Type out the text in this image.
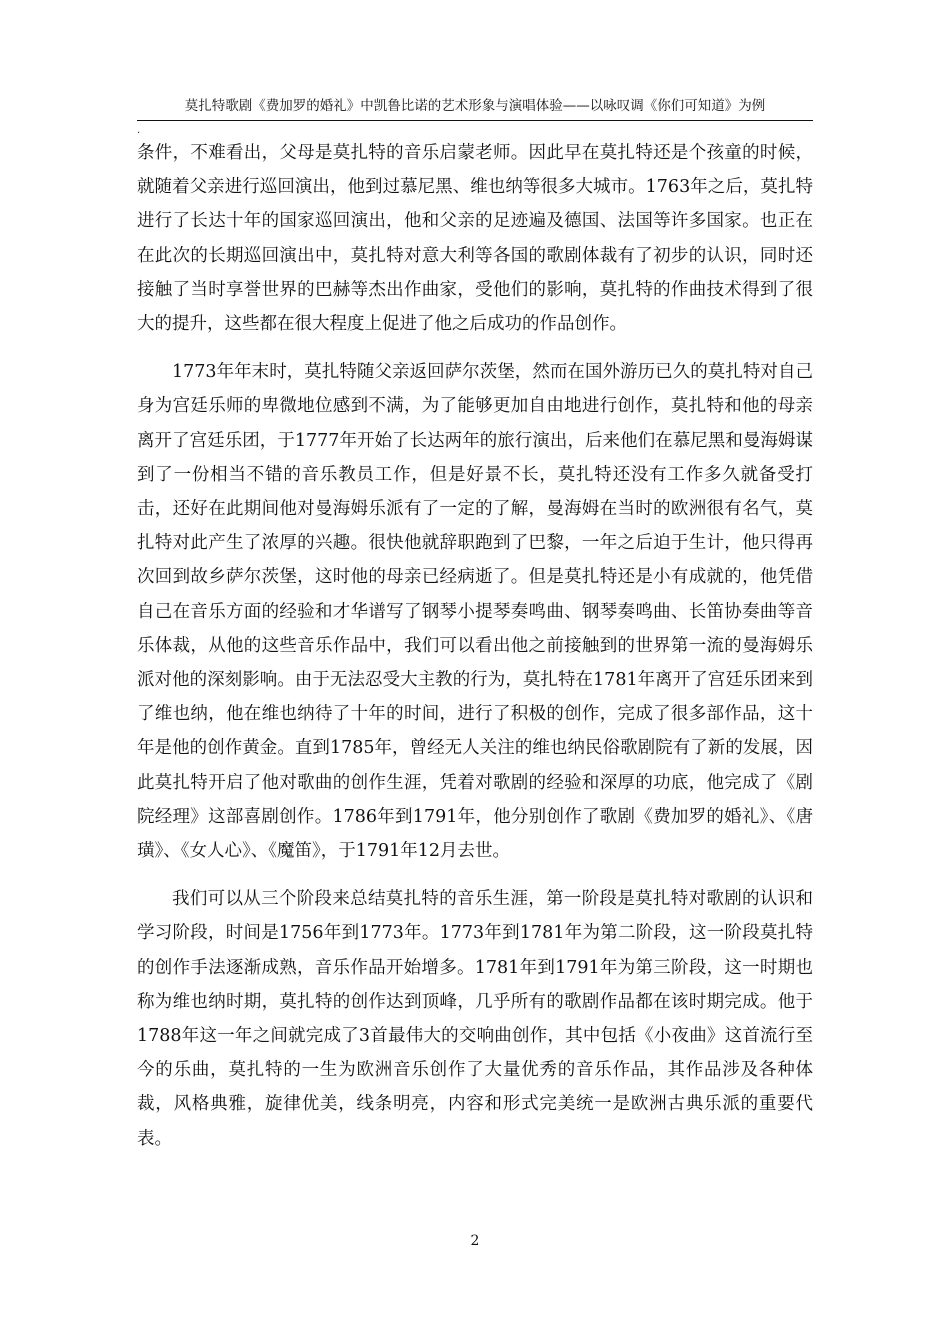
莫扎特歌剧《费加罗的婚礼》中凯鲁比诺的艺术形象与演唱体验——以咏叹调《你们可知道》为例
.

条件，不难看出，父母是莫扎特的音乐启蒙老师。因此早在莫扎特还是个孩童的时候，就随着父亲进行巡回演出，他到过慕尼黑、维也纳等很多大城市。1763年之后，莫扎特进行了长达十年的国家巡回演出，他和父亲的足迹遍及德国、法国等许多国家。也正在在此次的长期巡回演出中，莫扎特对意大利等各国的歌剧体裁有了初步的认识，同时还接触了当时享誉世界的巴赫等杰出作曲家，受他们的影响，莫扎特的作曲技术得到了很大的提升，这些都在很大程度上促进了他之后成功的作品创作。

1773年年末时，莫扎特随父亲返回萨尔茨堡，然而在国外游历已久的莫扎特对自己身为宫廷乐师的卑微地位感到不满，为了能够更加自由地进行创作，莫扎特和他的母亲离开了宫廷乐团，于1777年开始了长达两年的旅行演出，后来他们在慕尼黑和曼海姆谋到了一份相当不错的音乐教员工作，但是好景不长，莫扎特还没有工作多久就备受打击，还好在此期间他对曼海姆乐派有了一定的了解，曼海姆在当时的欧洲很有名气，莫扎特对此产生了浓厚的兴趣。很快他就辞职跑到了巴黎，一年之后迫于生计，他只得再次回到故乡萨尔茨堡，这时他的母亲已经病逝了。但是莫扎特还是小有成就的，他凭借自己在音乐方面的经验和才华谱写了钢琴小提琴奏鸣曲、钢琴奏鸣曲、长笛协奏曲等音乐体裁，从他的这些音乐作品中，我们可以看出他之前接触到的世界第一流的曼海姆乐派对他的深刻影响。由于无法忍受大主教的行为，莫扎特在1781年离开了宫廷乐团来到了维也纳，他在维也纳待了十年的时间，进行了积极的创作，完成了很多部作品，这十年是他的创作黄金。直到1785年，曾经无人关注的维也纳民俗歌剧院有了新的发展，因此莫扎特开启了他对歌曲的创作生涯，凭着对歌剧的经验和深厚的功底，他完成了《剧院经理》这部喜剧创作。1786年到1791年，他分别创作了歌剧《费加罗的婚礼》、《唐璜》、《女人心》、《魔笛》，于1791年12月去世。

我们可以从三个阶段来总结莫扎特的音乐生涯，第一阶段是莫扎特对歌剧的认识和学习阶段，时间是1756年到1773年。1773年到1781年为第二阶段，这一阶段莫扎特的创作手法逐渐成熟，音乐作品开始增多。1781年到1791年为第三阶段，这一时期也称为维也纳时期，莫扎特的创作达到顶峰，几乎所有的歌剧作品都在该时期完成。他于1788年这一年之间就完成了3首最伟大的交响曲创作，其中包括《小夜曲》这首流行至今的乐曲，莫扎特的一生为欧洲音乐创作了大量优秀的音乐作品，其作品涉及各种体裁，风格典雅，旋律优美，线条明亮，内容和形式完美统一是欧洲古典乐派的重要代表。

2
